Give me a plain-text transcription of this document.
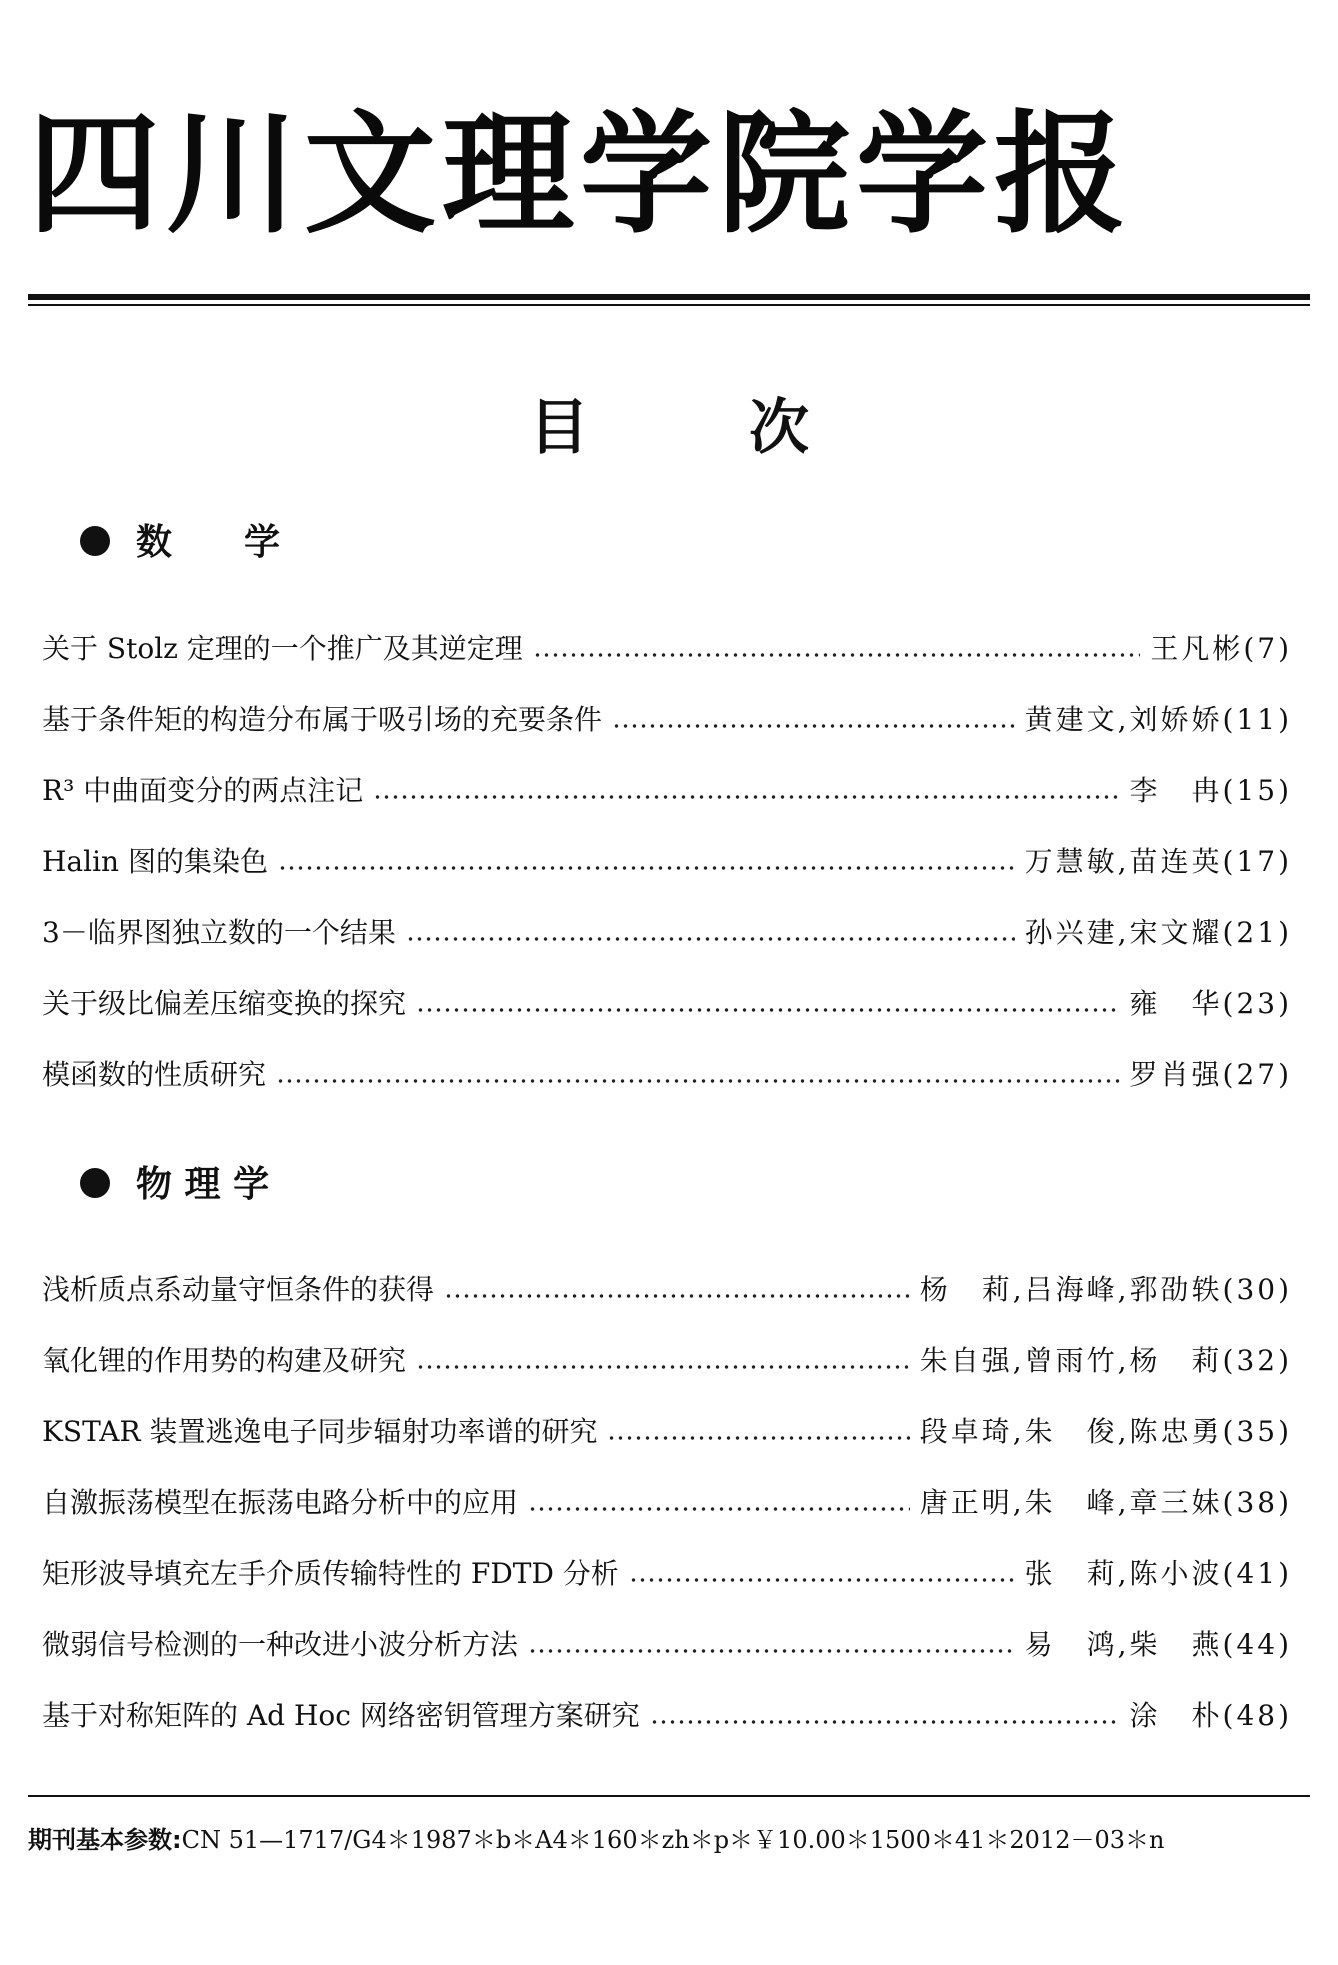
四川文理学院学报
目	次
数　　学
关于 Stolz 定理的一个推广及其逆定理	王凡彬(7)
基于条件矩的构造分布属于吸引场的充要条件	黄建文,刘娇娇(11)
R³ 中曲面变分的两点注记	李　冉(15)
Halin 图的集染色	万慧敏,苗连英(17)
3－临界图独立数的一个结果	孙兴建,宋文耀(21)
关于级比偏差压缩变换的探究	雍　华(23)
模函数的性质研究	罗肖强(27)
物 理 学
浅析质点系动量守恒条件的获得	杨　莉,吕海峰,郛劭轶(30)
氧化锂的作用势的构建及研究	朱自强,曾雨竹,杨　莉(32)
KSTAR 装置逃逸电子同步辐射功率谱的研究	段卓琦,朱　俊,陈忠勇(35)
自激振荡模型在振荡电路分析中的应用	唐正明,朱　峰,章三妹(38)
矩形波导填充左手介质传输特性的 FDTD 分析	张　莉,陈小波(41)
微弱信号检测的一种改进小波分析方法	易　鸿,柴　燕(44)
基于对称矩阵的 Ad Hoc 网络密钥管理方案研究	涂　朴(48)
期刊基本参数:CN 51—1717/G4＊1987＊b＊A4＊160＊zh＊p＊￥10.00＊1500＊41＊2012－03＊n
